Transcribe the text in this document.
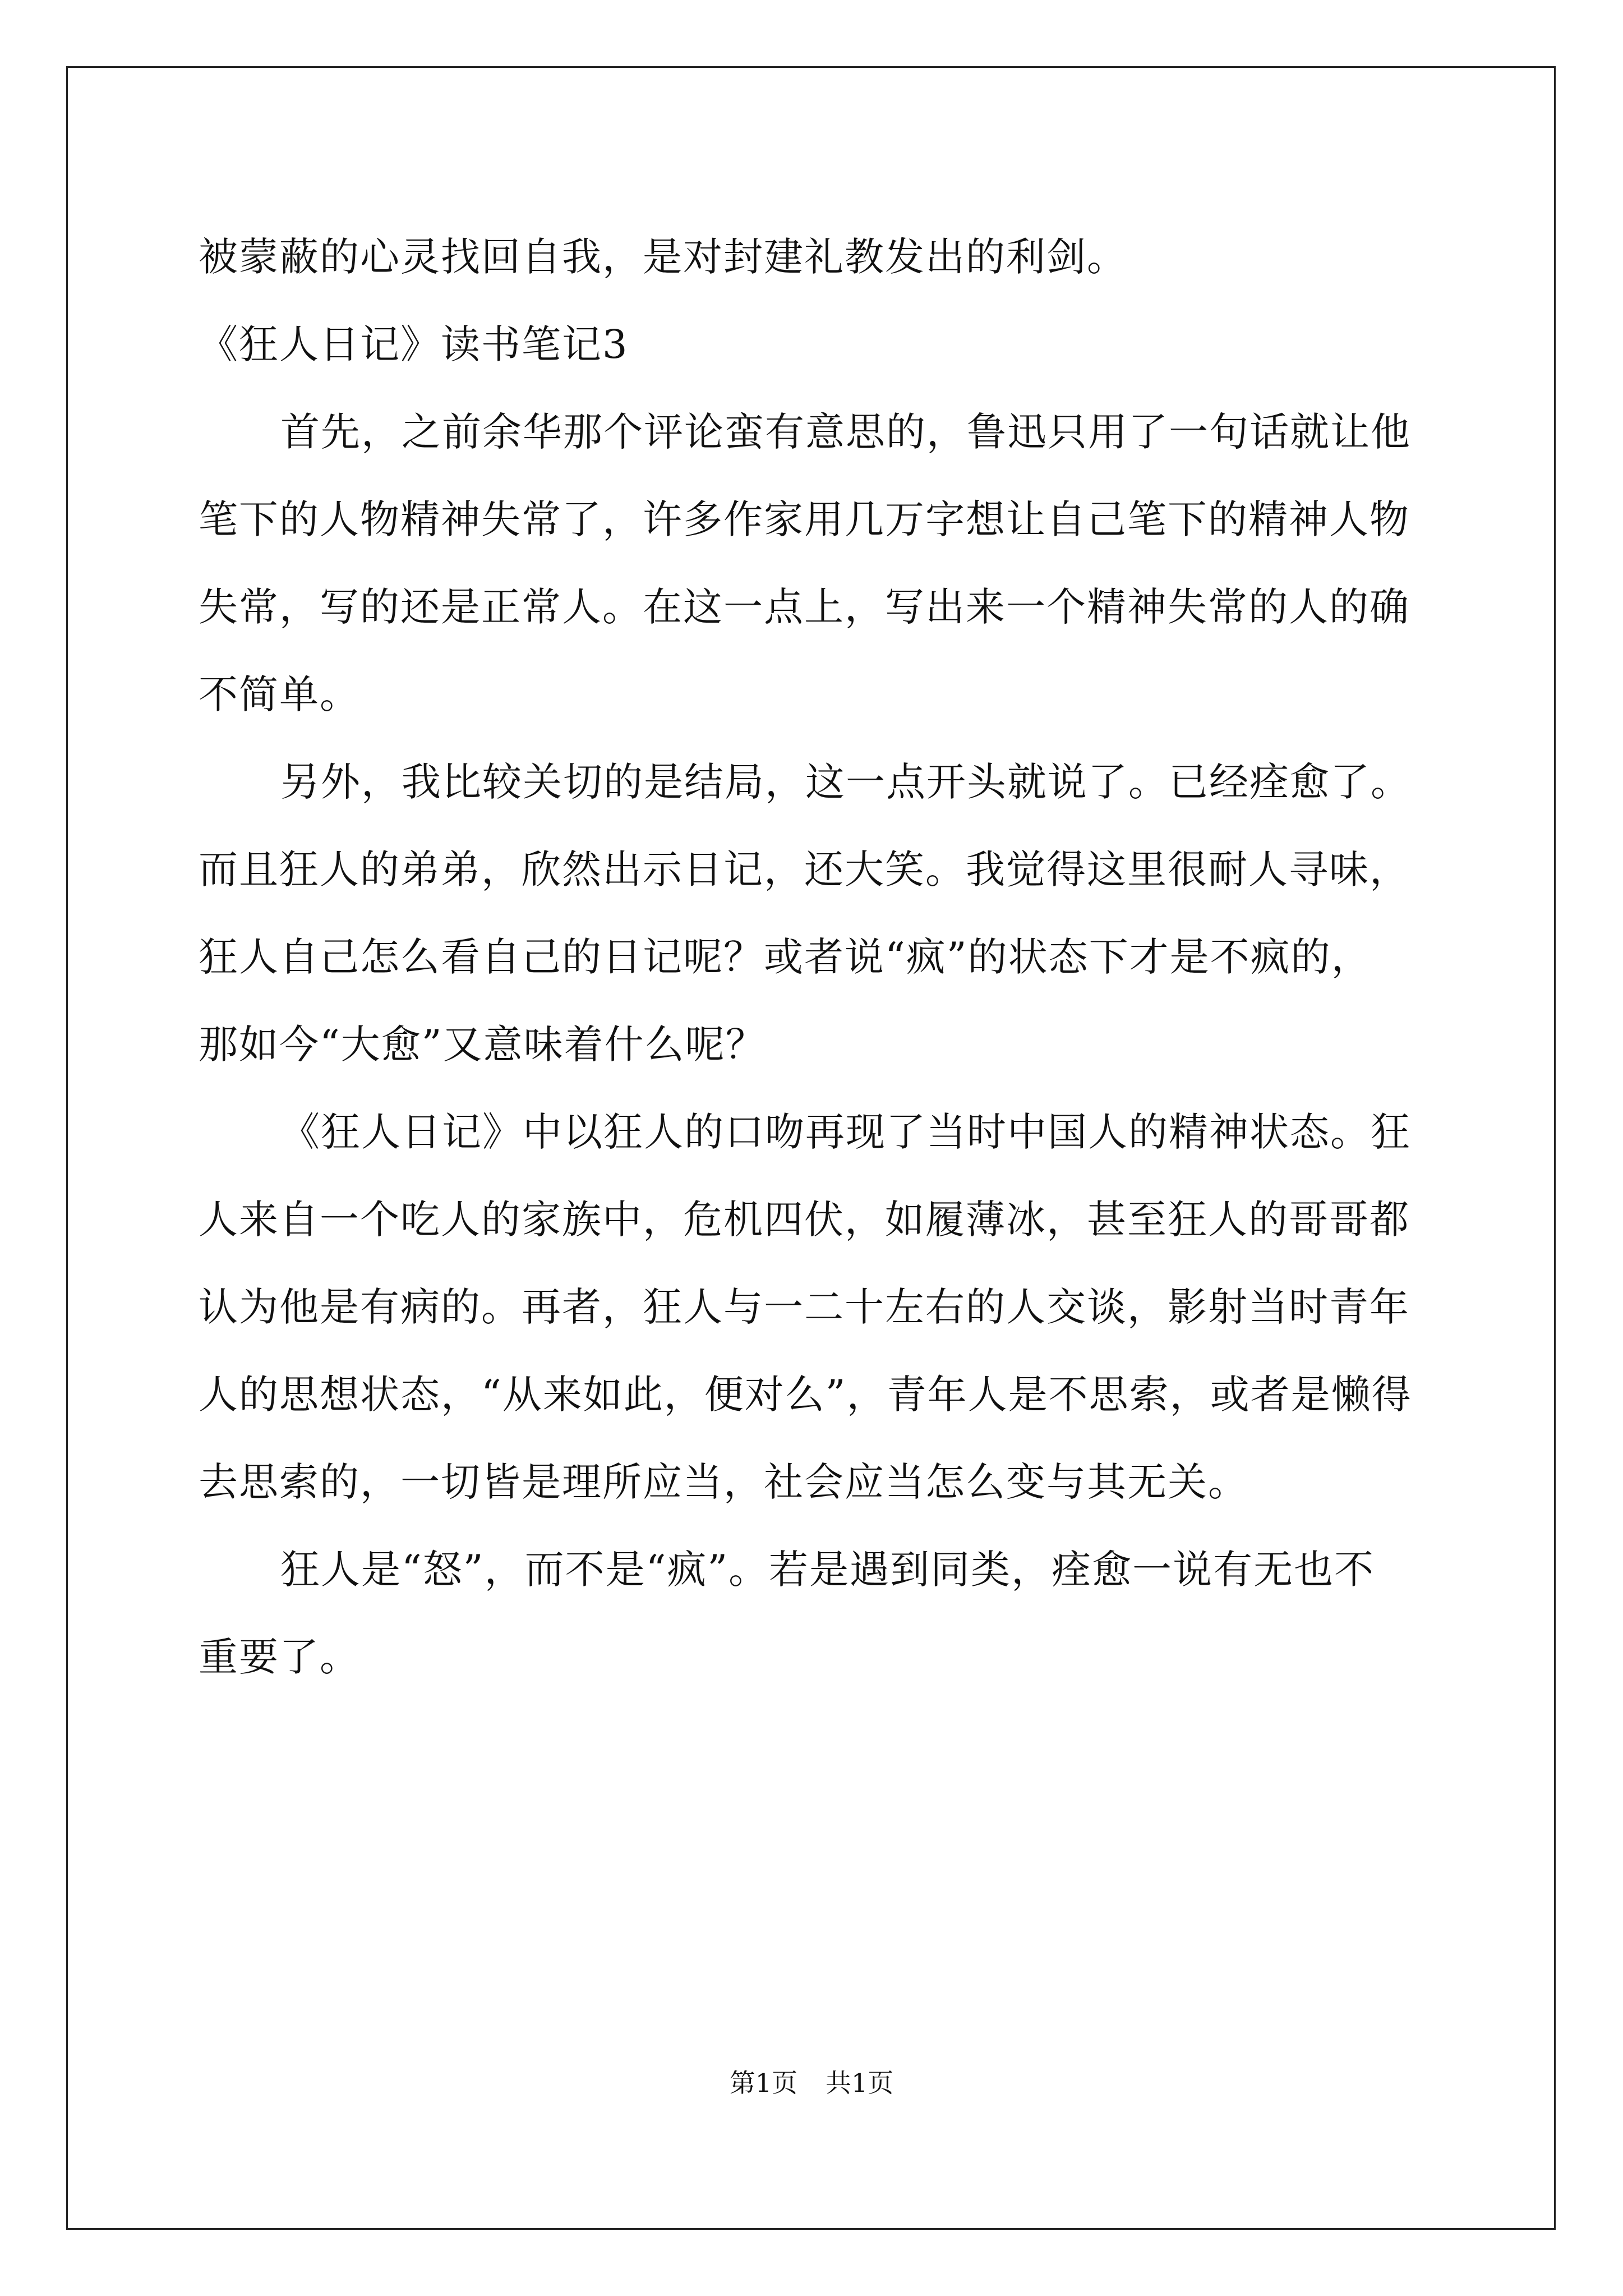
被蒙蔽的心灵找回自我，是对封建礼教发出的利剑。
《狂人日记》读书笔记3
首先，之前余华那个评论蛮有意思的，鲁迅只用了一句话就让他
笔下的人物精神失常了，许多作家用几万字想让自己笔下的精神人物
失常，写的还是正常人。在这一点上，写出来一个精神失常的人的确
不简单。
另外，我比较关切的是结局，这一点开头就说了。已经痊愈了。
而且狂人的弟弟，欣然出示日记，还大笑。我觉得这里很耐人寻味，
狂人自己怎么看自己的日记呢？或者说“疯”的状态下才是不疯的，
那如今“大愈”又意味着什么呢？
《狂人日记》中以狂人的口吻再现了当时中国人的精神状态。狂
人来自一个吃人的家族中，危机四伏，如履薄冰，甚至狂人的哥哥都
认为他是有病的。再者，狂人与一二十左右的人交谈，影射当时青年
人的思想状态，“从来如此，便对么”，青年人是不思索，或者是懒得
去思索的，一切皆是理所应当，社会应当怎么变与其无关。
狂人是“怒”，而不是“疯”。若是遇到同类，痊愈一说有无也不
重要了。
第1页 共1页
